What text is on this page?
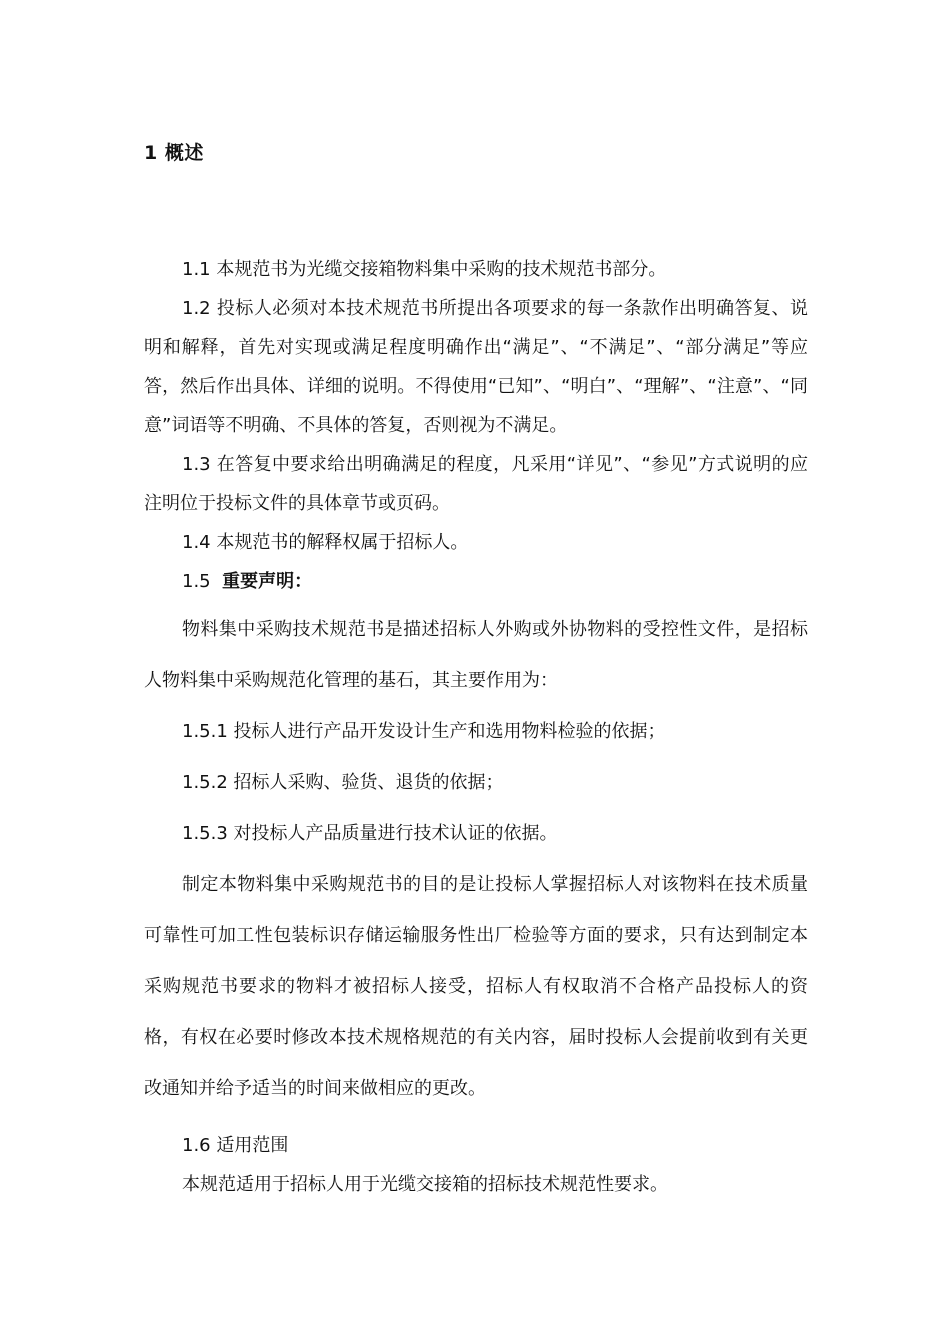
1 概述

1.1 本规范书为光缆交接箱物料集中采购的技术规范书部分。

1.2 投标人必须对本技术规范书所提出各项要求的每一条款作出明确答复、说明和解释，首先对实现或满足程度明确作出“满足”、“不满足”、“部分满足”等应答，然后作出具体、详细的说明。不得使用“已知”、“明白”、“理解”、“注意”、“同意”词语等不明确、不具体的答复，否则视为不满足。

1.3 在答复中要求给出明确满足的程度，凡采用“详见”、“参见”方式说明的应注明位于投标文件的具体章节或页码。

1.4 本规范书的解释权属于招标人。

1.5 重要声明：

物料集中采购技术规范书是描述招标人外购或外协物料的受控性文件，是招标人物料集中采购规范化管理的基石，其主要作用为：

1.5.1 投标人进行产品开发设计生产和选用物料检验的依据；

1.5.2 招标人采购、验货、退货的依据；

1.5.3 对投标人产品质量进行技术认证的依据。

制定本物料集中采购规范书的目的是让投标人掌握招标人对该物料在技术质量可靠性可加工性包装标识存储运输服务性出厂检验等方面的要求，只有达到制定本采购规范书要求的物料才被招标人接受，招标人有权取消不合格产品投标人的资格，有权在必要时修改本技术规格规范的有关内容，届时投标人会提前收到有关更改通知并给予适当的时间来做相应的更改。

1.6 适用范围

本规范适用于招标人用于光缆交接箱的招标技术规范性要求。
